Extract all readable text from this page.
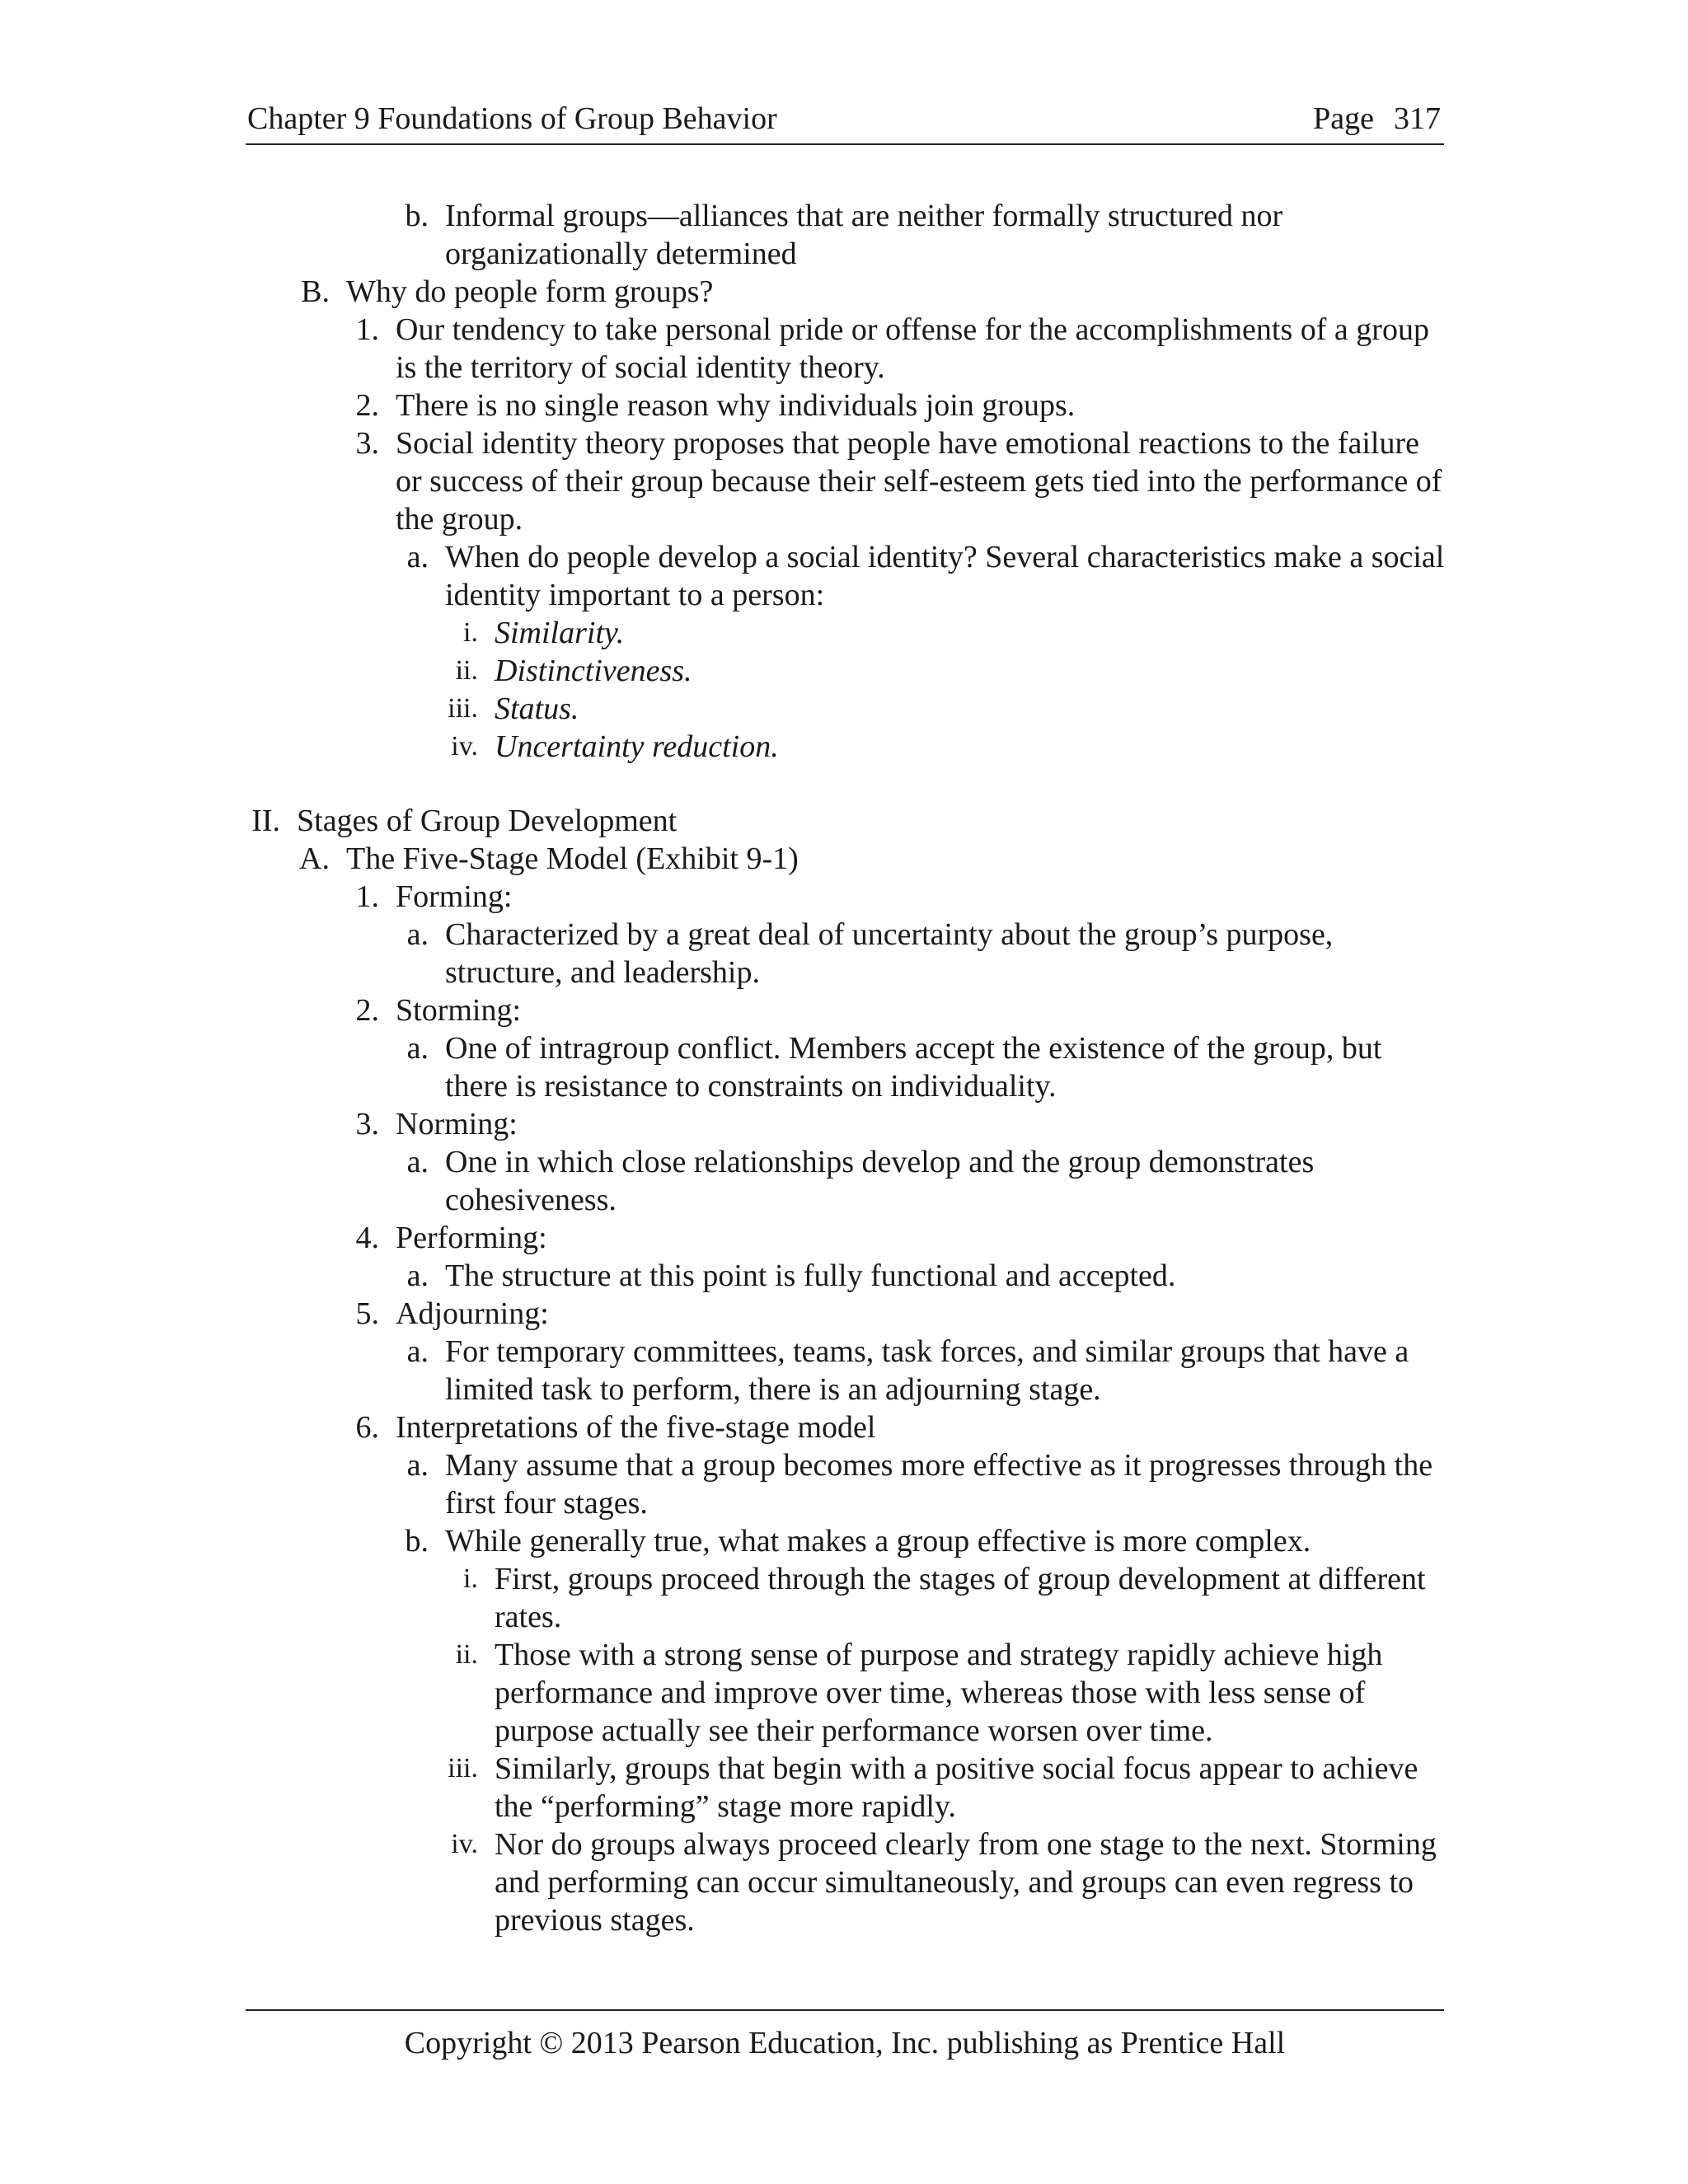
Chapter 9 Foundations of Group Behavior	Page 317
b. Informal groups—alliances that are neither formally structured nor organizationally determined
B. Why do people form groups?
1. Our tendency to take personal pride or offense for the accomplishments of a group is the territory of social identity theory.
2. There is no single reason why individuals join groups.
3. Social identity theory proposes that people have emotional reactions to the failure or success of their group because their self-esteem gets tied into the performance of the group.
a. When do people develop a social identity? Several characteristics make a social identity important to a person:
i. Similarity.
ii. Distinctiveness.
iii. Status.
iv. Uncertainty reduction.
II. Stages of Group Development
A. The Five-Stage Model (Exhibit 9-1)
1. Forming:
a. Characterized by a great deal of uncertainty about the group’s purpose, structure, and leadership.
2. Storming:
a. One of intragroup conflict. Members accept the existence of the group, but there is resistance to constraints on individuality.
3. Norming:
a. One in which close relationships develop and the group demonstrates cohesiveness.
4. Performing:
a. The structure at this point is fully functional and accepted.
5. Adjourning:
a. For temporary committees, teams, task forces, and similar groups that have a limited task to perform, there is an adjourning stage.
6. Interpretations of the five-stage model
a. Many assume that a group becomes more effective as it progresses through the first four stages.
b. While generally true, what makes a group effective is more complex.
i. First, groups proceed through the stages of group development at different rates.
ii. Those with a strong sense of purpose and strategy rapidly achieve high performance and improve over time, whereas those with less sense of purpose actually see their performance worsen over time.
iii. Similarly, groups that begin with a positive social focus appear to achieve the “performing” stage more rapidly.
iv. Nor do groups always proceed clearly from one stage to the next. Storming and performing can occur simultaneously, and groups can even regress to previous stages.
Copyright © 2013 Pearson Education, Inc. publishing as Prentice Hall
